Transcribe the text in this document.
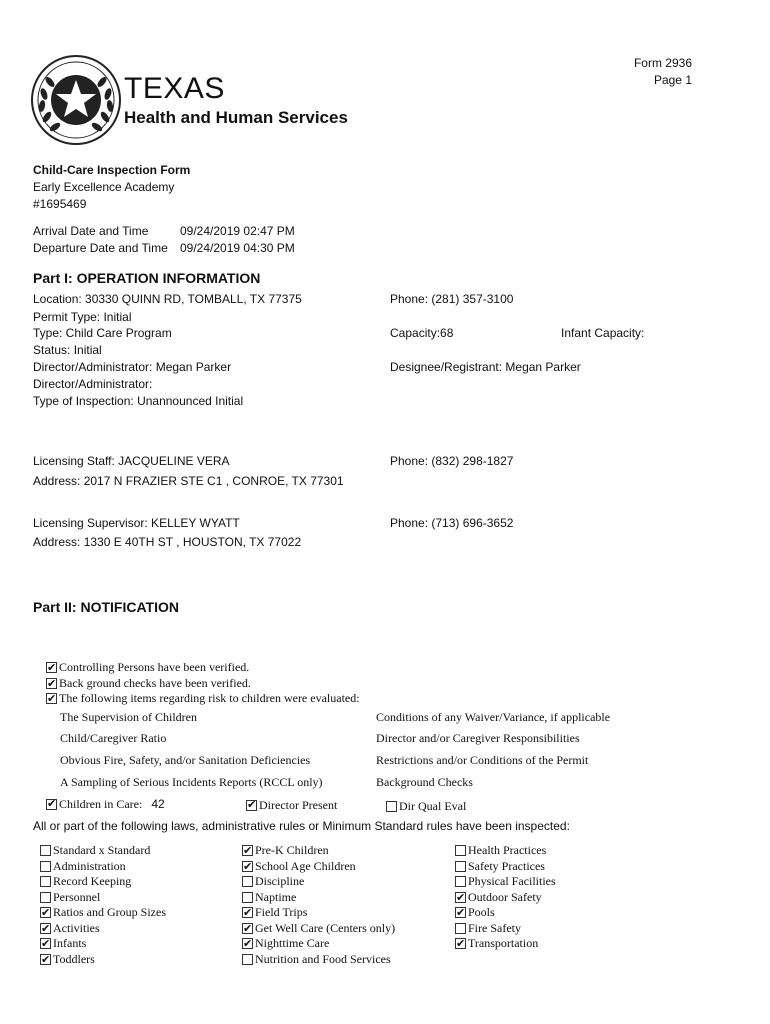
Form 2936
Page 1
TEXAS
Health and Human Services
Child-Care Inspection Form
Early Excellence Academy
#1695469
Arrival Date and Time	09/24/2019 02:47 PM
Departure Date and Time 09/24/2019 04:30 PM
Part I: OPERATION INFORMATION
Location: 30330 QUINN RD, TOMBALL, TX 77375	Phone: (281) 357-3100
Permit Type: Initial
Type: Child Care Program	Capacity:68	Infant Capacity:
Status: Initial
Director/Administrator: Megan Parker	Designee/Registrant: Megan Parker
Director/Administrator:
Type of Inspection: Unannounced Initial
Licensing Staff: JACQUELINE VERA	Phone: (832) 298-1827
Address: 2017 N FRAZIER STE C1 , CONROE, TX 77301
Licensing Supervisor: KELLEY WYATT	Phone: (713) 696-3652
Address: 1330 E 40TH ST , HOUSTON, TX 77022
Part II: NOTIFICATION
✔Controlling Persons have been verified.
✔Back ground checks have been verified.
✔The following items regarding risk to children were evaluated:
The Supervision of Children	Conditions of any Waiver/Variance, if applicable
Child/Caregiver Ratio	Director and/or Caregiver Responsibilities
Obvious Fire, Safety, and/or Sanitation Deficiencies	Restrictions and/or Conditions of the Permit
A Sampling of Serious Incidents Reports (RCCL only)	Background Checks
✔Children in Care: 42
✔	Director Present	Dir Qual Eval
All or part of the following laws, administrative rules or Minimum Standard rules have been inspected:
Standard x Standard
Administration
Record Keeping
Personnel
✔Ratios and Group Sizes
✔Activities
✔Infants
✔Toddlers
✔Pre-K Children
✔School Age Children
Discipline
Naptime
✔Field Trips
✔Get Well Care (Centers only)
✔Nighttime Care
Nutrition and Food Services
Health Practices
Safety Practices
Physical Facilities
✔Outdoor Safety
✔Pools
Fire Safety
✔Transportation
